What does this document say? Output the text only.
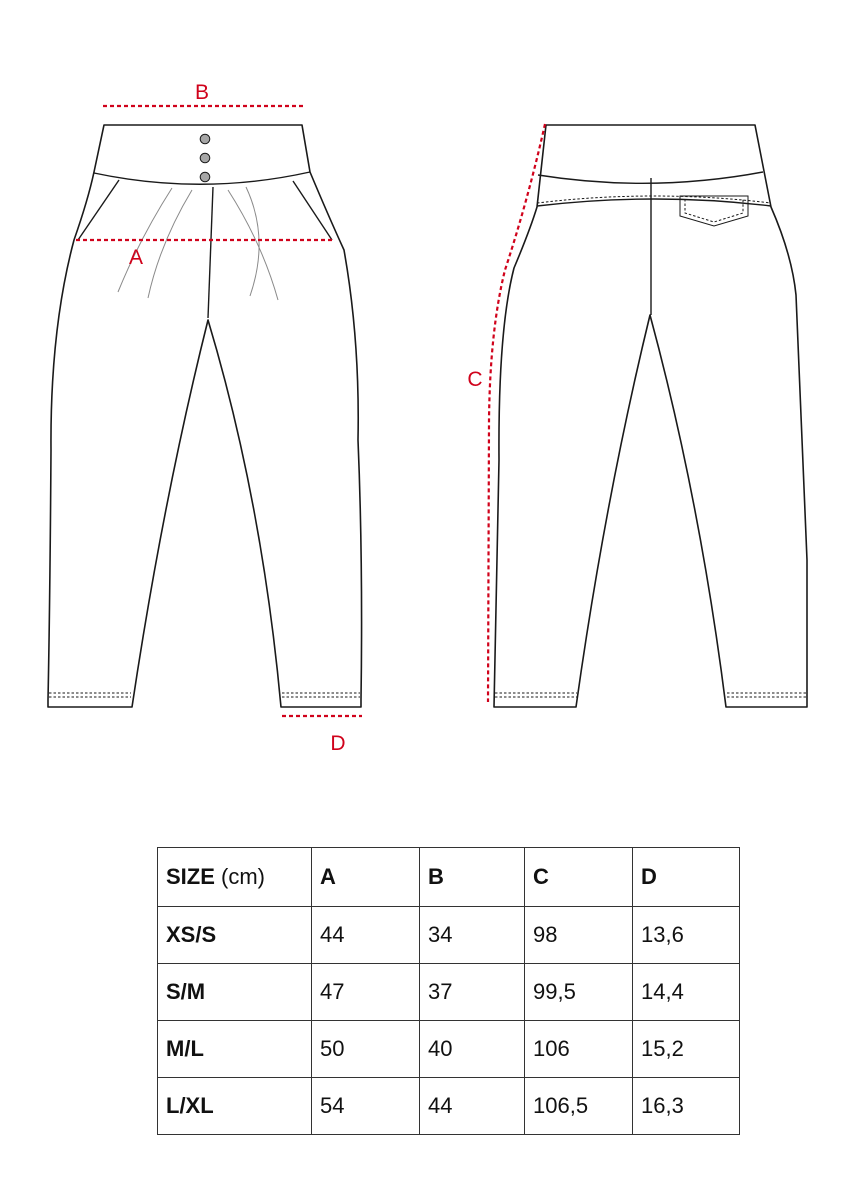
B
A
C
D
SIZE (cm)	A	B	C	D
XS/S	44	34	98	13,6
S/M	47	37	99,5	14,4
M/L	50	40	106	15,2
L/XL	54	44	106,5	16,3
